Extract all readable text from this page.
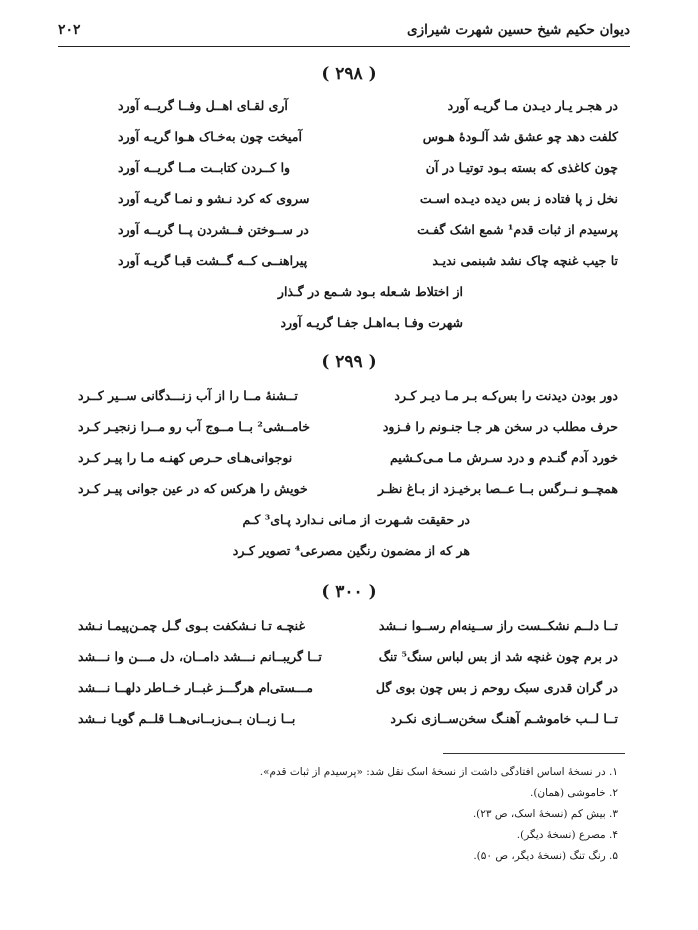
دیوان حکیم شیخ حسین شهرت شیرازی
۲۰۲
( ۲۹۸ )
در هجـر یـار دیـدن مـا گریـه آورد
آری لقـای اهــل وفــا گریــه آورد
کلفت دهد چو عشق شد آلـودۀ هـوس
آمیخت چون به‌خـاک هـوا گریـه آورد
چون کاغذی که بسته بـود توتیـا در آن
وا کــردن کتابــت مــا گریــه آورد
نخل ز پا فتاده ز بس دیده دیـده اسـت
سروی که کرد نـشو و نمـا گریـه آورد
پرسیدم از ثبات قدم¹ شمع اشک گفـت
در ســوختن فــشردن پــا گریــه آورد
تا جیب غنچه چاک نشد شبنمی ندیـد
پیراهنــی کــه گــشت قبـا گریـه آورد
از اختلاط شـعله بـود شـمع در گـذار
شهرت وفـا بـه‌اهـل جفـا گریـه آورد
( ۲۹۹ )
دور بودن دیدنت را بس‌کـه بـر مـا دیـر کـرد
تــشنۀ مــا را از آب زنـــدگانی ســیر کــرد
حرف مطلب در سخن هر جـا جنـونم را فـزود
خامــشی² بــا مــوج آب رو مــرا زنجیـر کـرد
خورد آدم گنـدم و درد سـرش مـا مـی‌کـشیم
نوجوانی‌هـای حـرص کهنـه مـا را پیـر کـرد
همچــو نــرگس بــا عــصا برخیـزد از بـاغ نظـر
خویش را هرکس که در عین جوانی پیـر کـرد
در حقیقت شـهرت از مـانی نـدارد پـای³ کـم
هر که از مضمون رنگین مصرعی⁴ تصویر کـرد
( ۳۰۰ )
تــا دلــم نشکــست راز ســینه‌ام رســوا نــشد
غنچـه تـا نـشکفت بـوی گـل چمـن‌پیمـا نـشد
در برم چون غنچه شد از بس لباس سنگ⁵ تنگ
تــا گریبــانم نـــشد دامــان، دل مـــن وا نـــشد
در گران قدری سبک روحم ز بس چون بوی گل
مـــستی‌ام هرگـــز غبــار خــاطر دلهــا نـــشد
تــا لــب خاموشـم آهنـگ سخن‌ســازی نکـرد
بــا زبــان بــی‌زبــانی‌هــا قلــم گویـا نــشد
۱. در نسخۀ اساس افتادگی داشت از نسخۀ اسک نقل شد: «پرسیدم از ثبات قدم».
۲. خاموشی (همان).
۳. بیش کم (نسخۀ اسک، ص ۲۳).
۴. مصرع (نسخۀ دیگر).
۵. رنگ تنگ (نسخۀ دیگر، ص ۵۰).
